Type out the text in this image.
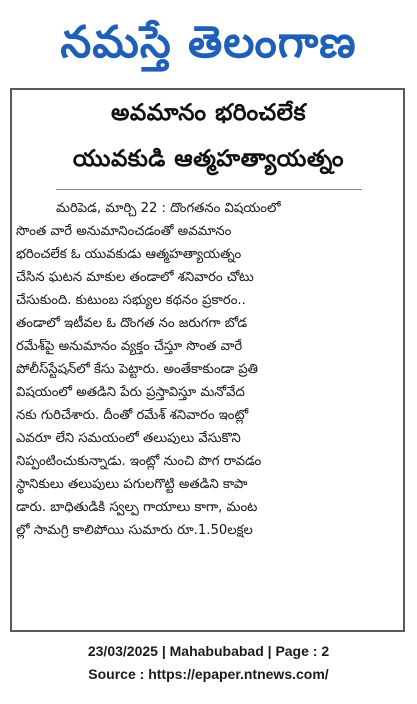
నమస్తే తెలంగాణ
అవమానం భరించలేక
యువకుడి ఆత్మహత్యాయత్నం
మరిపెడ, మార్చి 22 : దొంగతనం విషయంలో
సొంత వారే అనుమానించడంతో అవమానం
భరించలేక ఓ యువకుడు ఆత్మహత్యాయత్నం
చేసిన ఘటన మాకుల తండాలో శనివారం చోటు
చేసుకుంది. కుటుంబ సభ్యుల కథనం ప్రకారం..
తండాలో ఇటీవల ఓ దొంగత నం జరుగగా బోడ
రమేశ్‌పై అనుమానం వ్యక్తం చేస్తూ సొంత వారే
పోలీస్‌స్టేషన్‌లో కేసు పెట్టారు. అంతేకాకుండా ప్రతి
విషయంలో అతడిని పేరు ప్రస్తావిస్తూ మనోవేద
నకు గురిచేశారు. దీంతో రమేశ్ శనివారం ఇంట్లో
ఎవరూ లేని సమయంలో తలుపులు వేసుకొని
నిప్పంటించుకున్నాడు. ఇంట్లో నుంచి పొగ రావడం
స్థానికులు తలుపులు పగులగొట్టి అతడిని కాపా
డారు. బాధితుడికి స్వల్ప గాయాలు కాగా, మంట
ల్లో సామగ్రి కాలిపోయి సుమారు రూ.1.50లక్షల
23/03/2025 | Mahabubabad | Page : 2
Source : https://epaper.ntnews.com/
